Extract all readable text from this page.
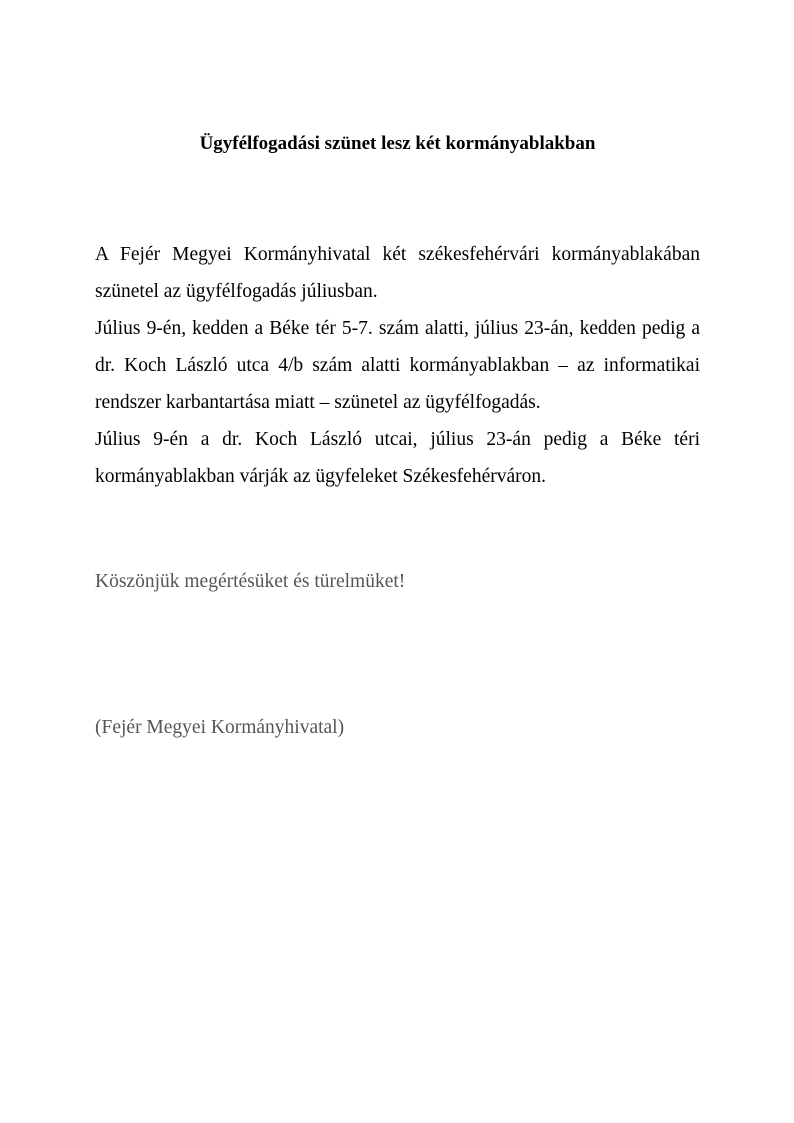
Ügyfélfogadási szünet lesz két kormányablakban

A Fejér Megyei Kormányhivatal két székesfehérvári kormányablakában szünetel az ügyfélfogadás júliusban.

Július 9-én, kedden a Béke tér 5-7. szám alatti, július 23-án, kedden pedig a dr. Koch László utca 4/b szám alatti kormányablakban – az informatikai rendszer karbantartása miatt – szünetel az ügyfélfogadás.

Július 9-én a dr. Koch László utcai, július 23-án pedig a Béke téri kormányablakban várják az ügyfeleket Székesfehérváron.

Köszönjük megértésüket és türelmüket!

(Fejér Megyei Kormányhivatal)
